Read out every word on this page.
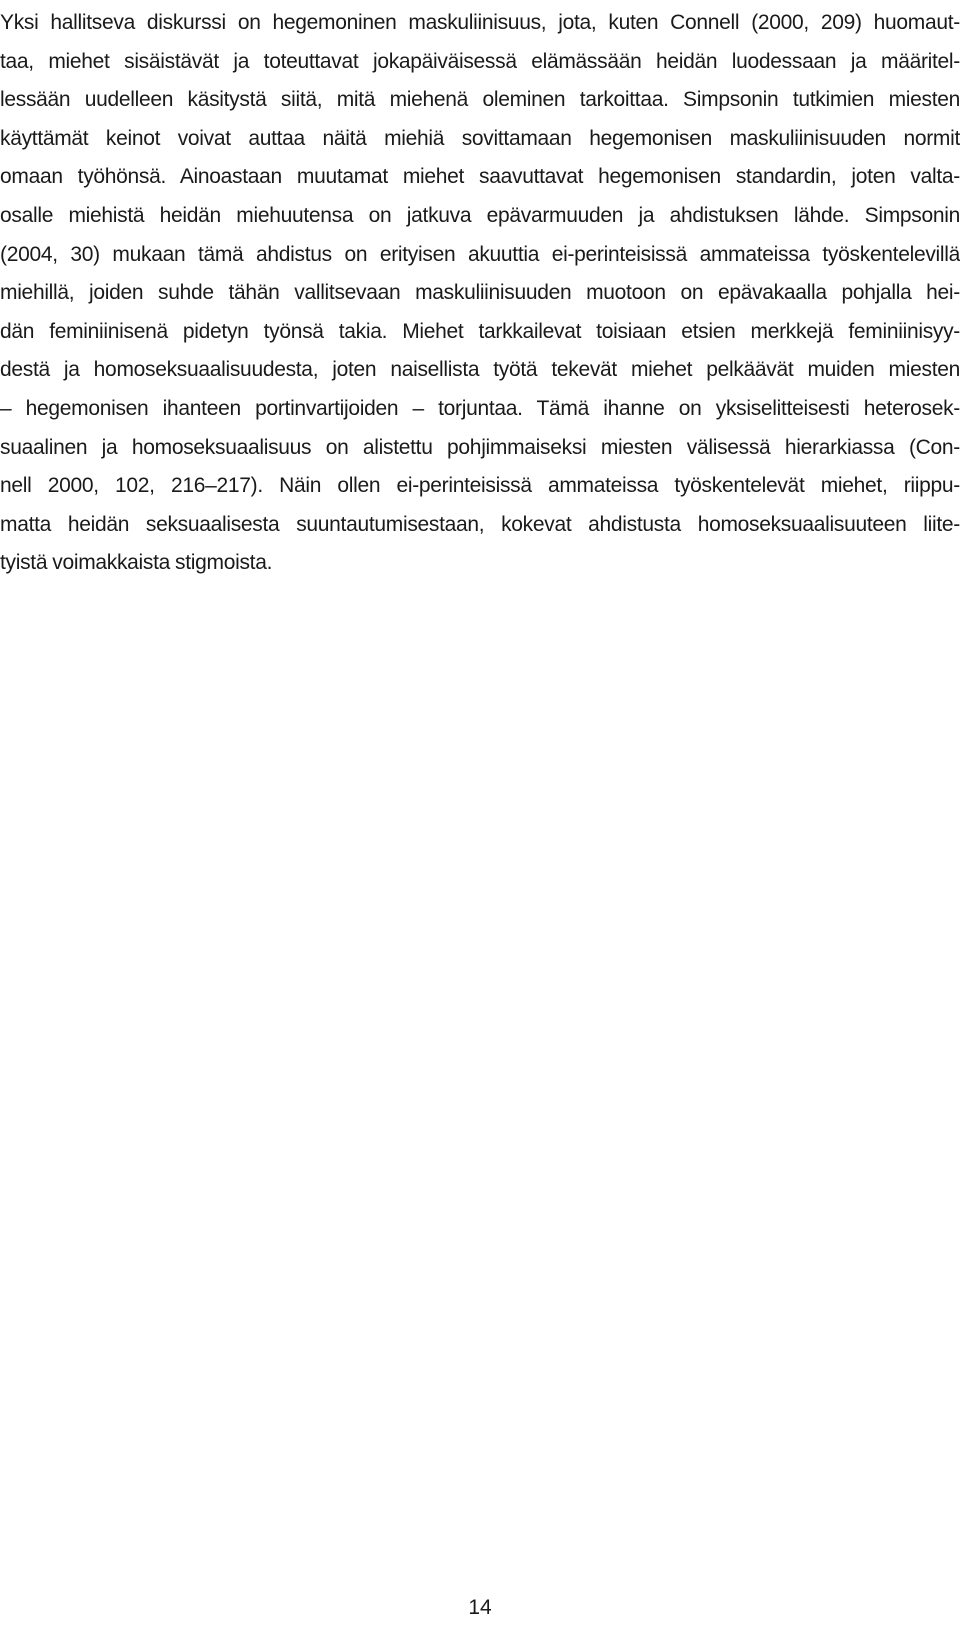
Yksi hallitseva diskurssi on hegemoninen maskuliinisuus, jota, kuten Connell (2000, 209) huomaut-
taa, miehet sisäistävät ja toteuttavat jokapäiväisessä elämässään heidän luodessaan ja määritel-
lessään uudelleen käsitystä siitä, mitä miehenä oleminen tarkoittaa. Simpsonin tutkimien miesten
käyttämät keinot voivat auttaa näitä miehiä sovittamaan hegemonisen maskuliinisuuden normit
omaan työhönsä. Ainoastaan muutamat miehet saavuttavat hegemonisen standardin, joten valta-
osalle miehistä heidän miehuutensa on jatkuva epävarmuuden ja ahdistuksen lähde. Simpsonin
(2004, 30) mukaan tämä ahdistus on erityisen akuuttia ei-perinteisissä ammateissa työskentelevillä
miehillä, joiden suhde tähän vallitsevaan maskuliinisuuden muotoon on epävakaalla pohjalla hei-
dän feminiinisenä pidetyn työnsä takia. Miehet tarkkailevat toisiaan etsien merkkejä feminiinisyy-
destä ja homoseksuaalisuudesta, joten naisellista työtä tekevät miehet pelkäävät muiden miesten
– hegemonisen ihanteen portinvartijoiden – torjuntaa. Tämä ihanne on yksiselitteisesti heterosek-
suaalinen ja homoseksuaalisuus on alistettu pohjimmaiseksi miesten välisessä hierarkiassa (Con-
nell 2000, 102, 216–217). Näin ollen ei-perinteisissä ammateissa työskentelevät miehet, riippu-
matta heidän seksuaalisesta suuntautumisestaan, kokevat ahdistusta homoseksuaalisuuteen liite-
tyistä voimakkaista stigmoista.

14
